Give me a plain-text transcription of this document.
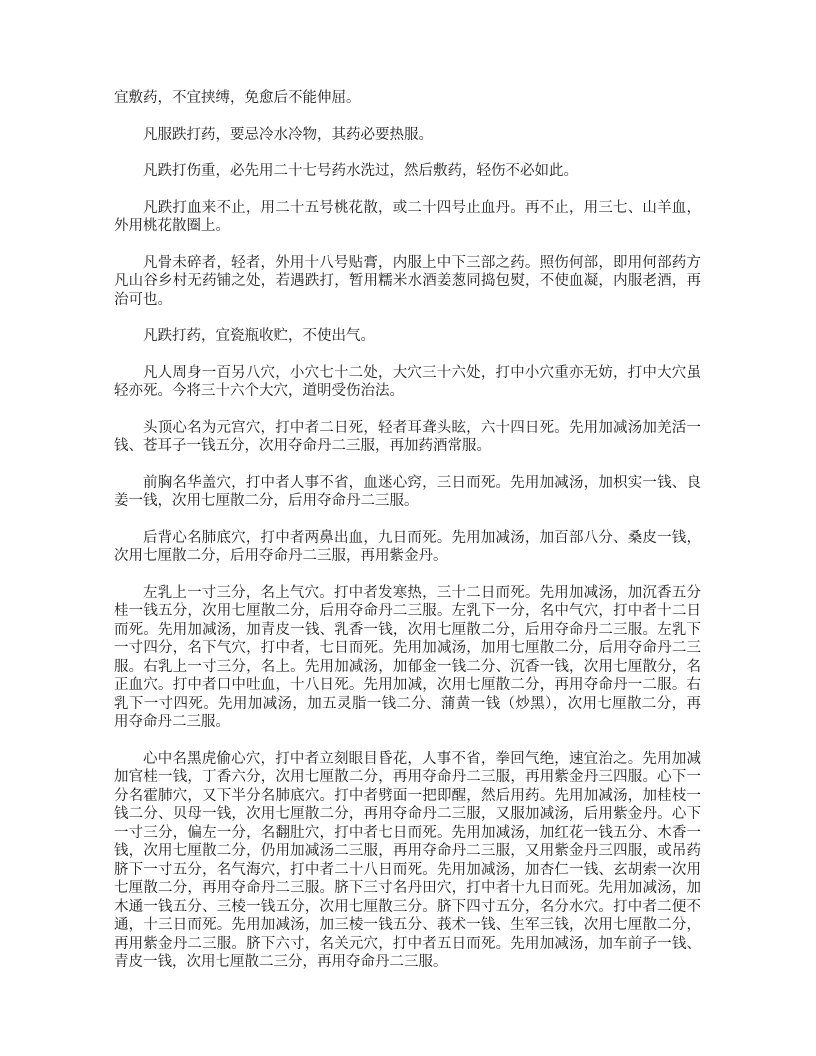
宜敷药，不宜挟缚，免愈后不能伸屈。

凡服跌打药，要忌冷水冷物，其药必要热服。

凡跌打伤重，必先用二十七号药水洗过，然后敷药，轻伤不必如此。

凡跌打血来不止，用二十五号桃花散，或二十四号止血丹。再不止，用三七、山羊血，外用桃花散圈上。

凡骨未碎者，轻者，外用十八号贴膏，内服上中下三部之药。照伤何部，即用何部药方凡山谷乡村无药铺之处，若遇跌打，暂用糯米水酒姜葱同捣包熨，不使血凝，内服老酒，再治可也。

凡跌打药，宜瓷瓶收贮，不使出气。

凡人周身一百另八穴，小穴七十二处，大穴三十六处，打中小穴重亦无妨，打中大穴虽轻亦死。今将三十六个大穴，道明受伤治法。

头顶心名为元宫穴，打中者二日死，轻者耳聋头眩，六十四日死。先用加减汤加羌活一钱、苍耳子一钱五分，次用夺命丹二三服，再加药酒常服。

前胸名华盖穴，打中者人事不省，血迷心窍，三日而死。先用加减汤，加枳实一钱、良姜一钱，次用七厘散二分，后用夺命丹二三服。

后背心名肺底穴，打中者两鼻出血，九日而死。先用加减汤，加百部八分、桑皮一钱，次用七厘散二分，后用夺命丹二三服，再用紫金丹。

左乳上一寸三分，名上气穴。打中者发寒热，三十二日而死。先用加减汤，加沉香五分桂一钱五分，次用七厘散二分，后用夺命丹二三服。左乳下一分，名中气穴，打中者十二日而死。先用加减汤，加青皮一钱、乳香一钱，次用七厘散二分，后用夺命丹二三服。左乳下一寸四分，名下气穴，打中者，七日而死。先用加减汤，加用七厘散二分，后用夺命丹二三服。右乳上一寸三分，名上。先用加减汤，加郁金一钱二分、沉香一钱，次用七厘散分，名正血穴。打中者口中吐血，十八日死。先用加减，次用七厘散二分，再用夺命丹一二服。右乳下一寸四死。先用加减汤，加五灵脂一钱二分、蒲黄一钱（炒黑），次用七厘散二分，再用夺命丹二三服。

心中名黑虎偷心穴，打中者立刻眼目昏花，人事不省，拳回气绝，速宜治之。先用加减加官桂一钱，丁香六分，次用七厘散二分，再用夺命丹二三服，再用紫金丹三四服。心下一分名霍肺穴，又下半分名肺底穴。打中者劈面一把即醒，然后用药。先用加减汤，加桂枝一钱二分、贝母一钱，次用七厘散二分，再用夺命丹二三服，又服加减汤，后用紫金丹。心下一寸三分，偏左一分，名翻肚穴，打中者七日而死。先用加减汤，加红花一钱五分、木香一钱，次用七厘散二分，仍用加减汤二三服，再用夺命丹二三服，又用紫金丹三四服，或吊药脐下一寸五分，名气海穴，打中者二十八日而死。先用加减汤，加杏仁一钱、玄胡索一次用七厘散二分，再用夺命丹二三服。脐下三寸名丹田穴，打中者十九日而死。先用加减汤，加木通一钱五分、三棱一钱五分，次用七厘散三分。脐下四寸五分，名分水穴。打中者二便不通，十三日而死。先用加减汤，加三棱一钱五分、莪术一钱、生军三钱，次用七厘散二分，再用紫金丹二三服。脐下六寸，名关元穴，打中者五日而死。先用加减汤，加车前子一钱、青皮一钱，次用七厘散二三分，再用夺命丹二三服。
